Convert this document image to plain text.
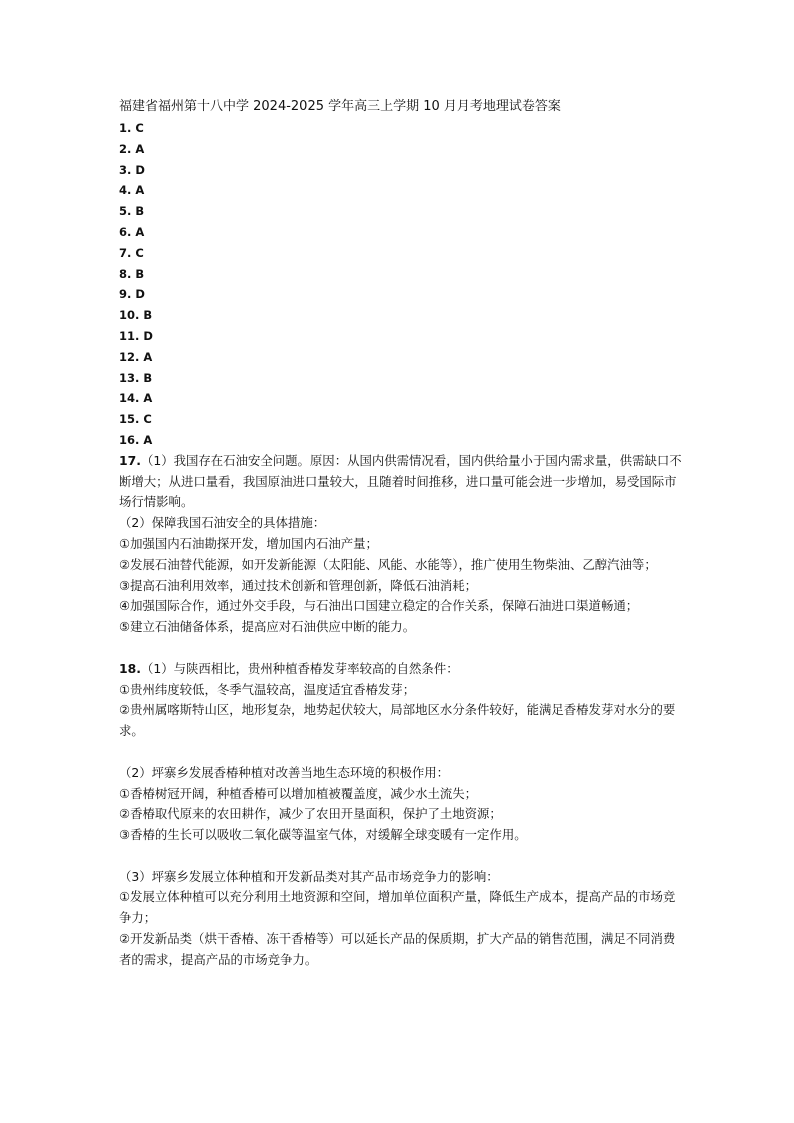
福建省福州第十八中学 2024-2025 学年高三上学期 10 月月考地理试卷答案
1. C
2. A
3. D
4. A
5. B
6. A
7. C
8. B
9. D
10. B
11. D
12. A
13. B
14. A
15. C
16. A

17.（1）我国存在石油安全问题。原因：从国内供需情况看，国内供给量小于国内需求量，供需缺口不断增大；从进口量看，我国原油进口量较大，且随着时间推移，进口量可能会进一步增加，易受国际市场行情影响。

（2）保障我国石油安全的具体措施：

①加强国内石油勘探开发，增加国内石油产量；

②发展石油替代能源，如开发新能源（太阳能、风能、水能等），推广使用生物柴油、乙醇汽油等；

③提高石油利用效率，通过技术创新和管理创新，降低石油消耗；

④加强国际合作，通过外交手段，与石油出口国建立稳定的合作关系，保障石油进口渠道畅通；

⑤建立石油储备体系，提高应对石油供应中断的能力。

18.（1）与陕西相比，贵州种植香椿发芽率较高的自然条件：

①贵州纬度较低，冬季气温较高，温度适宜香椿发芽；

②贵州属喀斯特山区，地形复杂，地势起伏较大，局部地区水分条件较好，能满足香椿发芽对水分的要求。

（2）坪寨乡发展香椿种植对改善当地生态环境的积极作用：

①香椿树冠开阔，种植香椿可以增加植被覆盖度，减少水土流失；

②香椿取代原来的农田耕作，减少了农田开垦面积，保护了土地资源；

③香椿的生长可以吸收二氧化碳等温室气体，对缓解全球变暖有一定作用。

（3）坪寨乡发展立体种植和开发新品类对其产品市场竞争力的影响：

①发展立体种植可以充分利用土地资源和空间，增加单位面积产量，降低生产成本，提高产品的市场竞争力；

②开发新品类（烘干香椿、冻干香椿等）可以延长产品的保质期，扩大产品的销售范围，满足不同消费者的需求，提高产品的市场竞争力。
